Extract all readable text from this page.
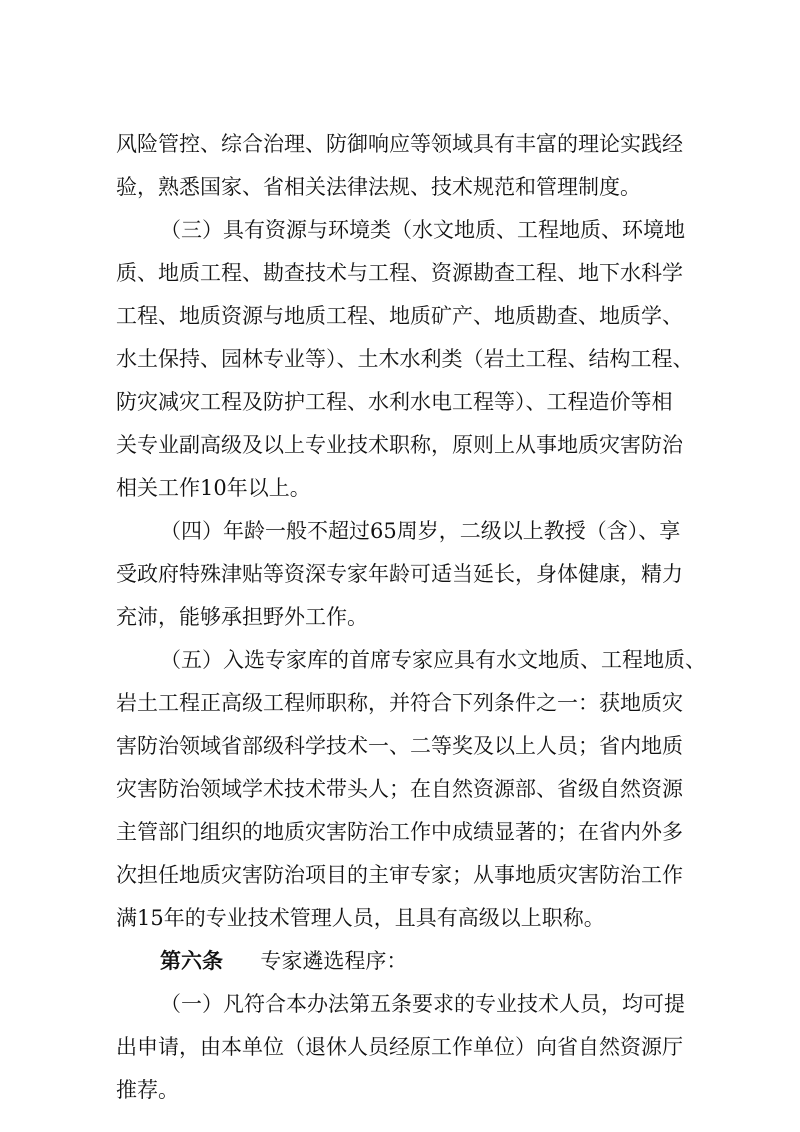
风险管控、综合治理、防御响应等领域具有丰富的理论实践经
验，熟悉国家、省相关法律法规、技术规范和管理制度。
（三）具有资源与环境类（水文地质、工程地质、环境地
质、地质工程、勘查技术与工程、资源勘查工程、地下水科学
工程、地质资源与地质工程、地质矿产、地质勘查、地质学、
水土保持、园林专业等）、土木水利类（岩土工程、结构工程、
防灾减灾工程及防护工程、水利水电工程等）、工程造价等相
关专业副高级及以上专业技术职称，原则上从事地质灾害防治
相关工作10年以上。
（四）年龄一般不超过65周岁，二级以上教授（含）、享
受政府特殊津贴等资深专家年龄可适当延长，身体健康，精力
充沛，能够承担野外工作。
（五）入选专家库的首席专家应具有水文地质、工程地质、
岩土工程正高级工程师职称，并符合下列条件之一：获地质灾
害防治领域省部级科学技术一、二等奖及以上人员；省内地质
灾害防治领域学术技术带头人；在自然资源部、省级自然资源
主管部门组织的地质灾害防治工作中成绩显著的；在省内外多
次担任地质灾害防治项目的主审专家；从事地质灾害防治工作
满15年的专业技术管理人员，且具有高级以上职称。
第六条 专家遴选程序：
（一）凡符合本办法第五条要求的专业技术人员，均可提
出申请，由本单位（退休人员经原工作单位）向省自然资源厅
推荐。
